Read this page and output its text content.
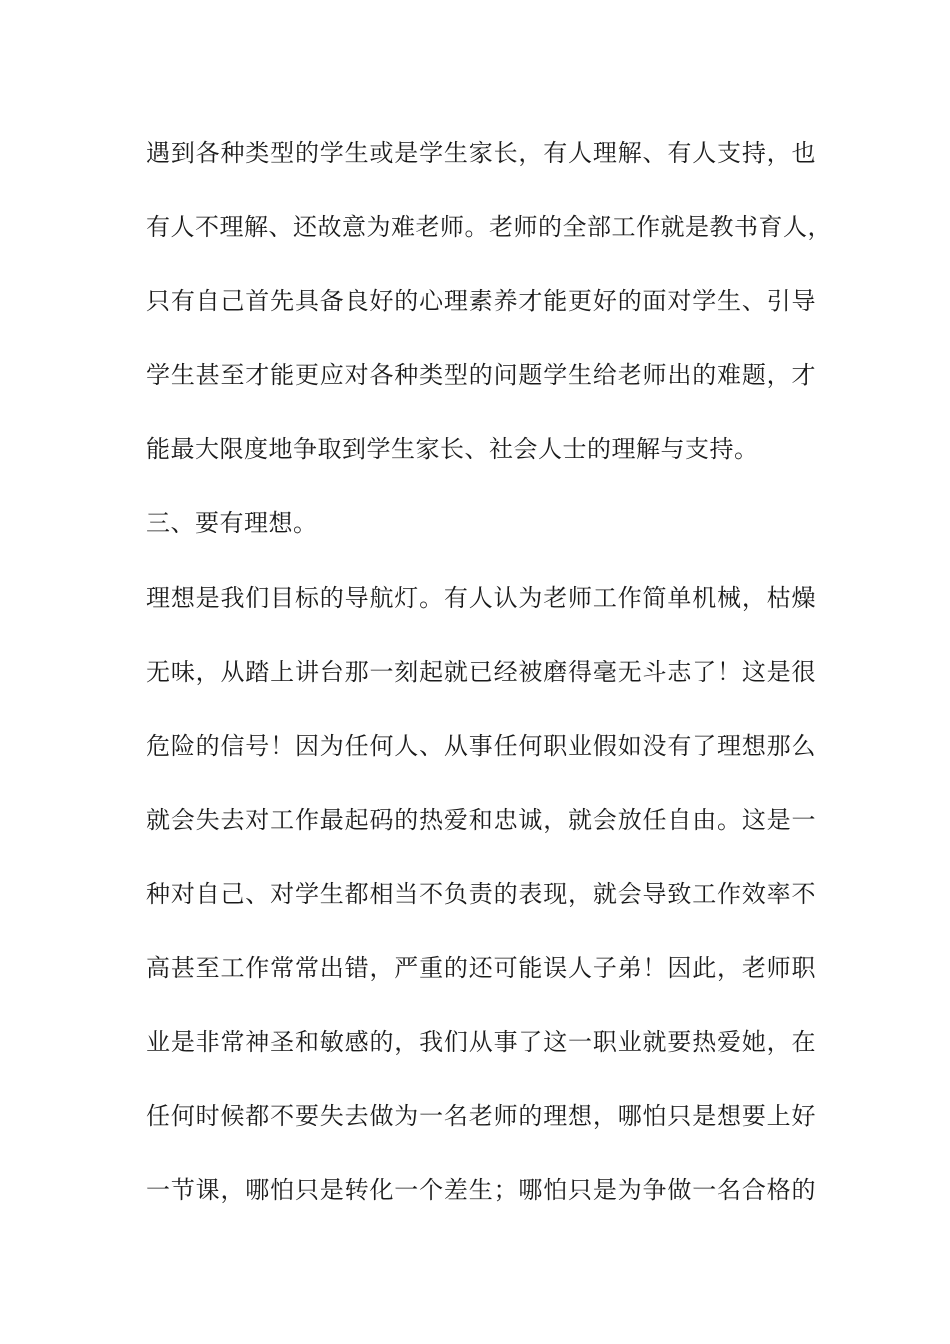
遇到各种类型的学生或是学生家长，有人理解、有人支持，也
有人不理解、还故意为难老师。老师的全部工作就是教书育人，
只有自己首先具备良好的心理素养才能更好的面对学生、引导
学生甚至才能更应对各种类型的问题学生给老师出的难题，才
能最大限度地争取到学生家长、社会人士的理解与支持。
三、要有理想。
理想是我们目标的导航灯。有人认为老师工作简单机械，枯燥
无味，从踏上讲台那一刻起就已经被磨得毫无斗志了！这是很
危险的信号！因为任何人、从事任何职业假如没有了理想那么
就会失去对工作最起码的热爱和忠诚，就会放任自由。这是一
种对自己、对学生都相当不负责的表现，就会导致工作效率不
高甚至工作常常出错，严重的还可能误人子弟！因此，老师职
业是非常神圣和敏感的，我们从事了这一职业就要热爱她，在
任何时候都不要失去做为一名老师的理想，哪怕只是想要上好
一节课，哪怕只是转化一个差生；哪怕只是为争做一名合格的
